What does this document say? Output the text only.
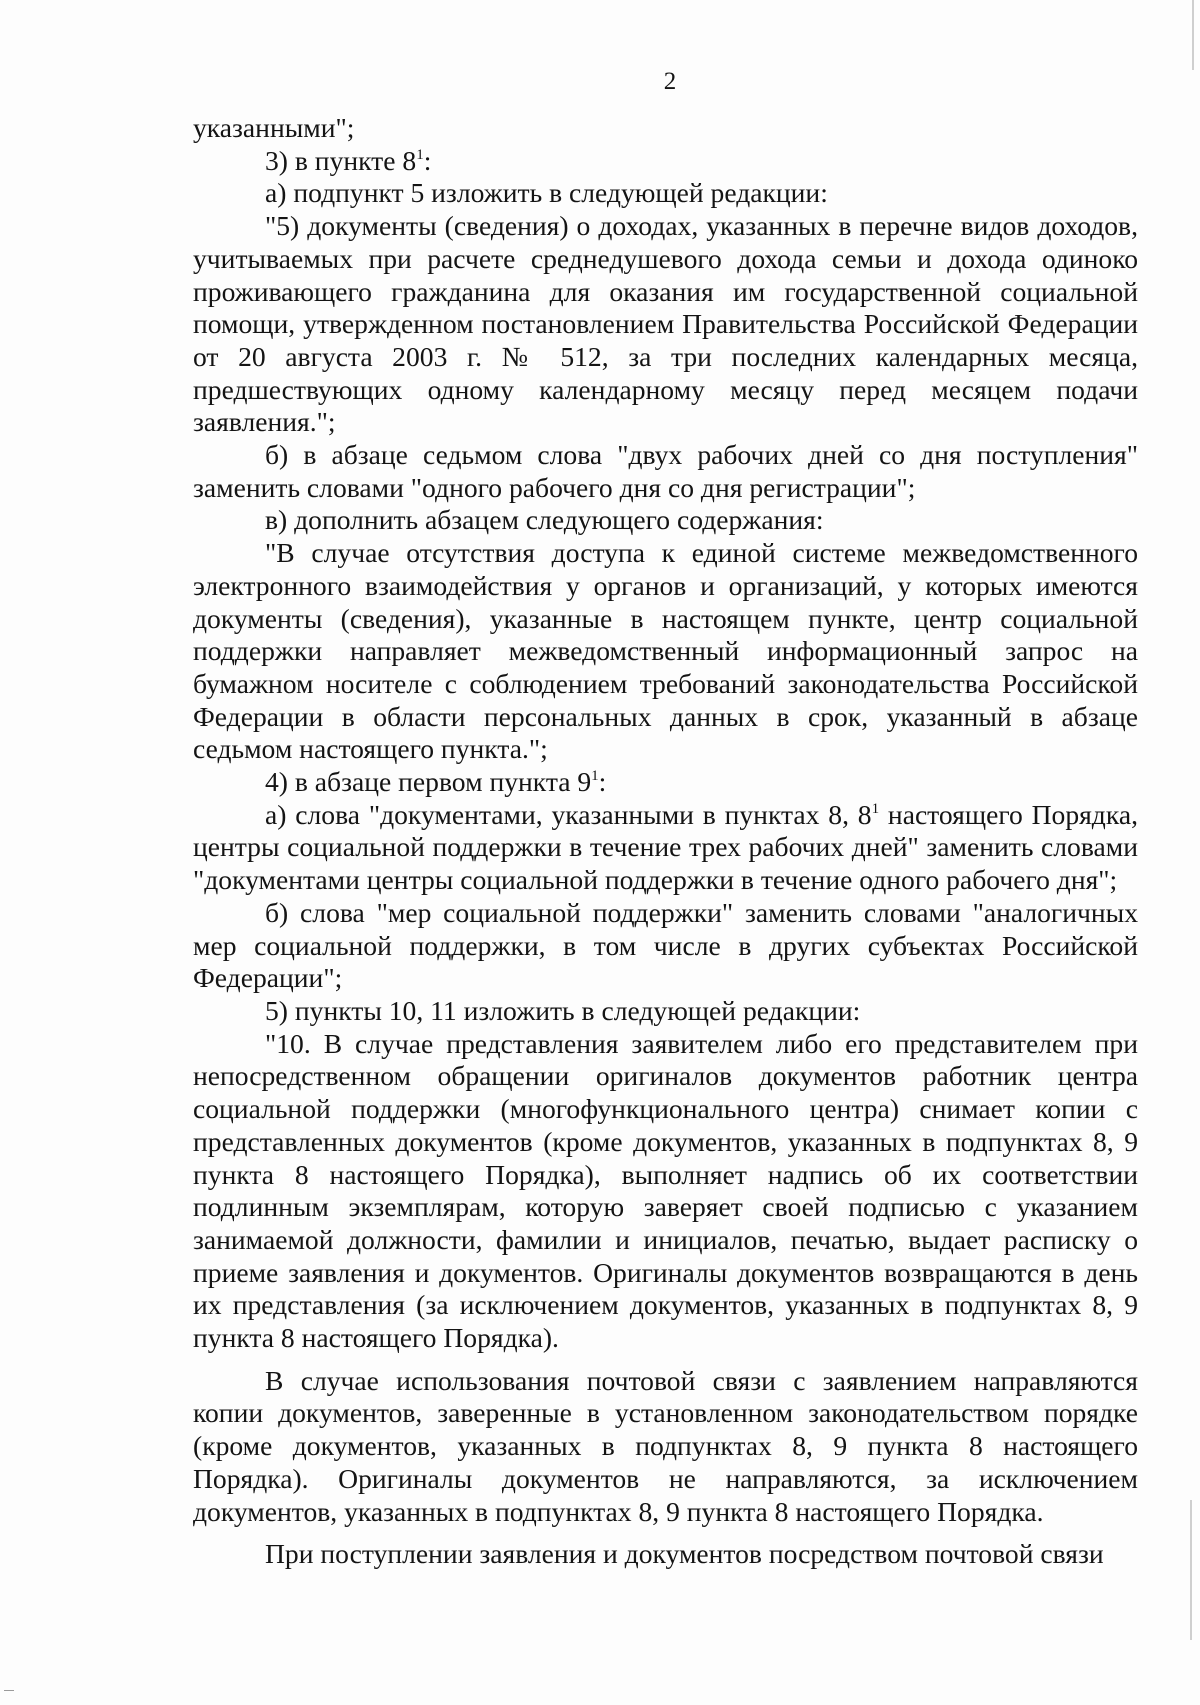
2

указанными";

3) в пункте $8^1$:

а) подпункт 5 изложить в следующей редакции:

"5) документы (сведения) о доходах, указанных в перечне видов доходов, учитываемых при расчете среднедушевого дохода семьи и дохода одиноко проживающего гражданина для оказания им государственной социальной помощи, утвержденном постановлением Правительства Российской Федерации от 20 августа 2003 г. № 512, за три последних календарных месяца, предшествующих одному календарному месяцу перед месяцем подачи заявления.";

б) в абзаце седьмом слова "двух рабочих дней со дня поступления" заменить словами "одного рабочего дня со дня регистрации";

в) дополнить абзацем следующего содержания:

"В случае отсутствия доступа к единой системе межведомственного электронного взаимодействия у органов и организаций, у которых имеются документы (сведения), указанные в настоящем пункте, центр социальной поддержки направляет межведомственный информационный запрос на бумажном носителе с соблюдением требований законодательства Российской Федерации в области персональных данных в срок, указанный в абзаце седьмом настоящего пункта.";

4) в абзаце первом пункта $9^1$:

а) слова "документами, указанными в пунктах 8, $8^1$ настоящего Порядка, центры социальной поддержки в течение трех рабочих дней" заменить словами "документами центры социальной поддержки в течение одного рабочего дня";

б) слова "мер социальной поддержки" заменить словами "аналогичных мер социальной поддержки, в том числе в других субъектах Российской Федерации";

5) пункты 10, 11 изложить в следующей редакции:

"10. В случае представления заявителем либо его представителем при непосредственном обращении оригиналов документов работник центра социальной поддержки (многофункционального центра) снимает копии с представленных документов (кроме документов, указанных в подпунктах 8, 9 пункта 8 настоящего Порядка), выполняет надпись об их соответствии подлинным экземплярам, которую заверяет своей подписью с указанием занимаемой должности, фамилии и инициалов, печатью, выдает расписку о приеме заявления и документов. Оригиналы документов возвращаются в день их представления (за исключением документов, указанных в подпунктах 8, 9 пункта 8 настоящего Порядка).

В случае использования почтовой связи с заявлением направляются копии документов, заверенные в установленном законодательством порядке (кроме документов, указанных в подпунктах 8, 9 пункта 8 настоящего Порядка). Оригиналы документов не направляются, за исключением документов, указанных в подпунктах 8, 9 пункта 8 настоящего Порядка.

При поступлении заявления и документов посредством почтовой связи
